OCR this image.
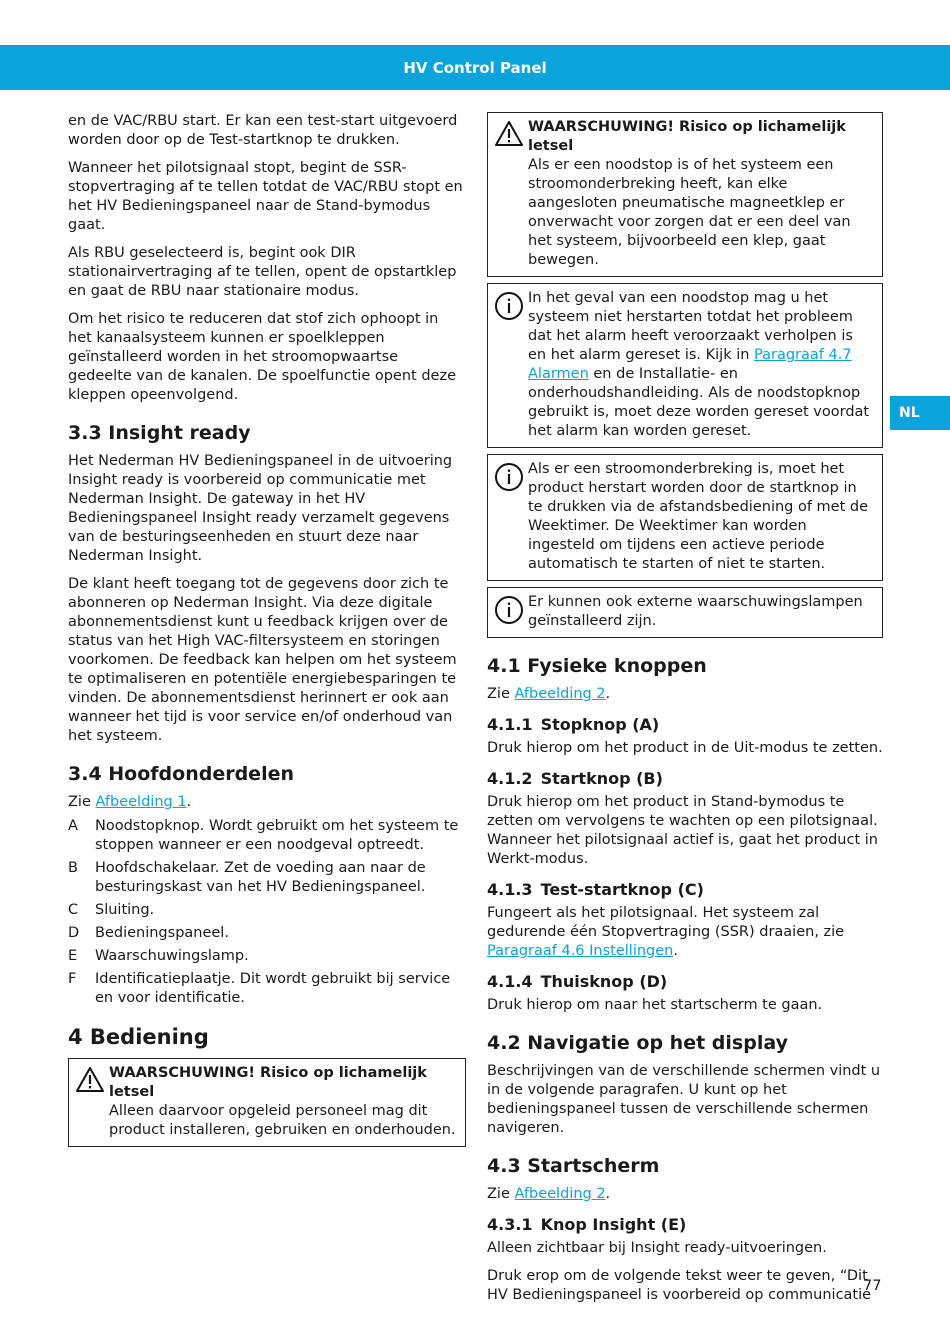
HV Control Panel
NL

en de VAC/RBU start. Er kan een test-start uitgevoerd worden door op de Test-startknop te drukken.

Wanneer het pilotsignaal stopt, begint de SSR-stopvertraging af te tellen totdat de VAC/RBU stopt en het HV Bedieningspaneel naar de Stand-bymodus gaat.

Als RBU geselecteerd is, begint ook DIR stationairvertraging af te tellen, opent de opstartklep en gaat de RBU naar stationaire modus.

Om het risico te reduceren dat stof zich ophoopt in het kanaalsysteem kunnen er spoelkleppen geïnstalleerd worden in het stroomopwaartse gedeelte van de kanalen. De spoelfunctie opent deze kleppen opeenvolgend.

3.3 Insight ready

Het Nederman HV Bedieningspaneel in de uitvoering Insight ready is voorbereid op communicatie met Nederman Insight. De gateway in het HV Bedieningspaneel Insight ready verzamelt gegevens van de besturingseenheden en stuurt deze naar Nederman Insight.

De klant heeft toegang tot de gegevens door zich te abonneren op Nederman Insight. Via deze digitale abonnementsdienst kunt u feedback krijgen over de status van het High VAC-filtersysteem en storingen voorkomen. De feedback kan helpen om het systeem te optimaliseren en potentiële energiebesparingen te vinden. De abonnementsdienst herinnert er ook aan wanneer het tijd is voor service en/of onderhoud van het systeem.

3.4 Hoofdonderdelen

Zie Afbeelding 1.

A	Noodstopknop. Wordt gebruikt om het systeem te stoppen wanneer er een noodgeval optreedt.
B	Hoofdschakelaar. Zet de voeding aan naar de besturingskast van het HV Bedieningspaneel.
C	Sluiting.
D	Bedieningspaneel.
E	Waarschuwingslamp.
F	Identificatieplaatje. Dit wordt gebruikt bij service en voor identificatie.
4 Bediening
WAARSCHUWING! Risico op lichamelijk letsel
Alleen daarvoor opgeleid personeel mag dit product installeren, gebruiken en onderhouden.
WAARSCHUWING! Risico op lichamelijk letsel
Als er een noodstop is of het systeem een stroomonderbreking heeft, kan elke aangesloten pneumatische magneetklep er onverwacht voor zorgen dat er een deel van het systeem, bijvoorbeeld een klep, gaat bewegen.
In het geval van een noodstop mag u het systeem niet herstarten totdat het probleem dat het alarm heeft veroorzaakt verholpen is en het alarm gereset is. Kijk in Paragraaf 4.7 Alarmen en de Installatie- en onderhoudshandleiding. Als de noodstopknop gebruikt is, moet deze worden gereset voordat het alarm kan worden gereset.
Als er een stroomonderbreking is, moet het product herstart worden door de startknop in te drukken via de afstandsbediening of met de Weektimer. De Weektimer kan worden ingesteld om tijdens een actieve periode automatisch te starten of niet te starten.
Er kunnen ook externe waarschuwingslampen geïnstalleerd zijn.
4.1 Fysieke knoppen

Zie Afbeelding 2.

4.1.1 Stopknop (A)

Druk hierop om het product in de Uit-modus te zetten.

4.1.2 Startknop (B)

Druk hierop om het product in Stand-bymodus te zetten om vervolgens te wachten op een pilotsignaal. Wanneer het pilotsignaal actief is, gaat het product in Werkt-modus.

4.1.3 Test-startknop (C)

Fungeert als het pilotsignaal. Het systeem zal gedurende één Stopvertraging (SSR) draaien, zie Paragraaf 4.6 Instellingen.

4.1.4 Thuisknop (D)

Druk hierop om naar het startscherm te gaan.

4.2 Navigatie op het display

Beschrijvingen van de verschillende schermen vindt u in de volgende paragrafen. U kunt op het bedieningspaneel tussen de verschillende schermen navigeren.

4.3 Startscherm

Zie Afbeelding 2.

4.3.1 Knop Insight (E)

Alleen zichtbaar bij Insight ready-uitvoeringen.

Druk erop om de volgende tekst weer te geven, “Dit HV Bedieningspaneel is voorbereid op communicatie

77
